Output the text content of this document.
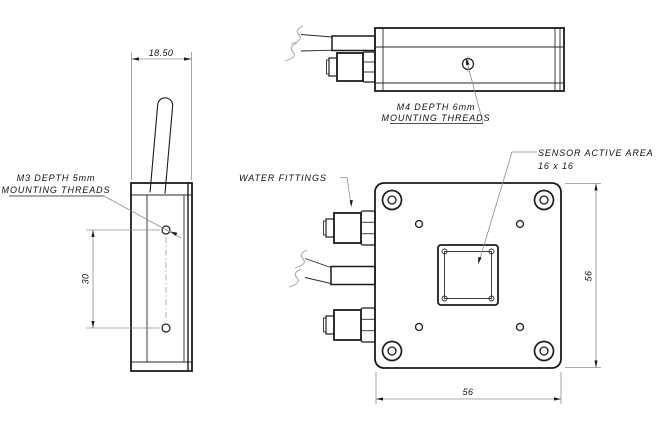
18.50
30
M3 DEPTH 5mm
MOUNTING THREADS
M4 DEPTH 6mm
MOUNTING THREADS
WATER FITTINGS
SENSOR ACTIVE AREA
16 x 16
56
56
